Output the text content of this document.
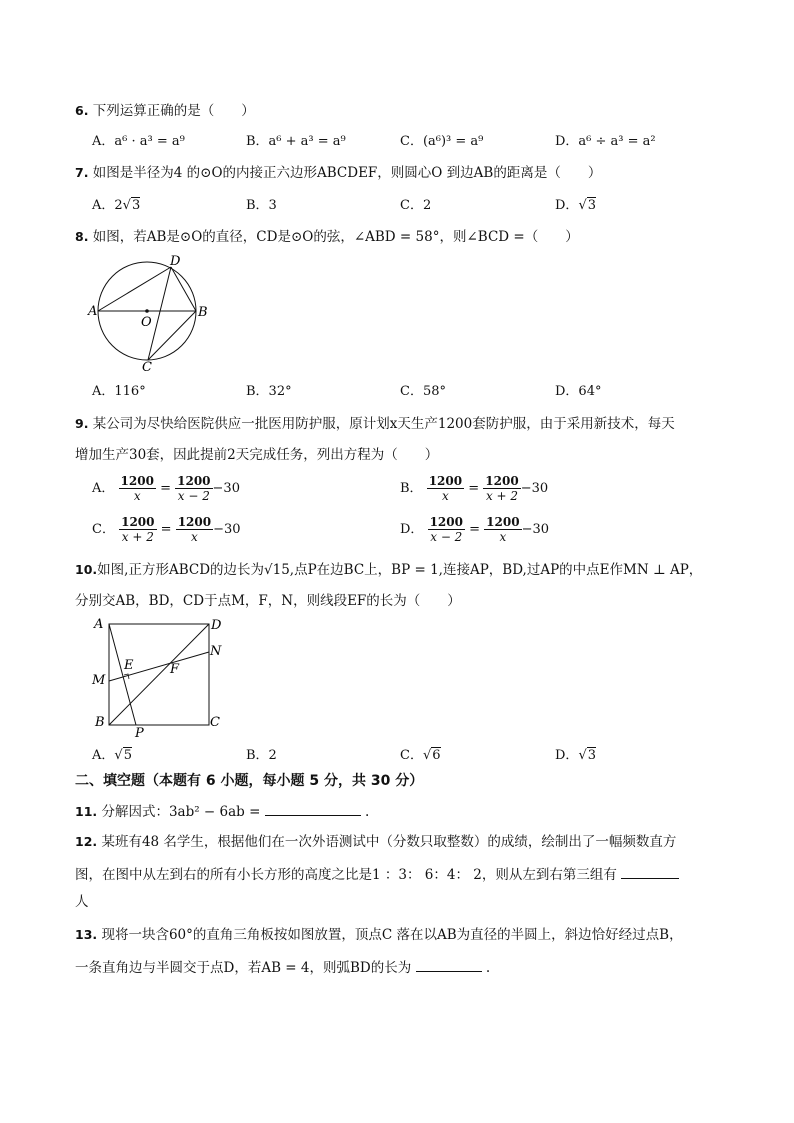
6. 下列运算正确的是（　　）
A．a⁶ · a³ = a⁹	B．a⁶ + a³ = a⁹	C．(a⁶)³ = a⁹	D．a⁶ ÷ a³ = a²
7. 如图是半径为4 的⊙O的内接正六边形ABCDEF，则圆心O 到边AB的距离是（　　）
A．2√3	B．3	C．2	D．√3
8. 如图，若AB是⊙O的直径，CD是⊙O的弦，∠ABD = 58°，则∠BCD =（　　）
A	B
C
D
O
A．116°	B．32°	C．58°	D．64°
9. 某公司为尽快给医院供应一批医用防护服，原计划x天生产1200套防护服，由于采用新技术，每天
增加生产30套，因此提前2天完成任务，列出方程为（　　）
A． $\frac{1200}{x} = \frac{1200}{x - 2} -30$	B． $\frac{1200}{x} = \frac{1200}{x + 2} -30$
C． $\frac{1200}{x + 2} = \frac{1200}{x} -30$	D． $\frac{1200}{x - 2} = \frac{1200}{x} -30$
10.如图,正方形ABCD的边长为√15,点P在边BC上，BP = 1,连接AP，BD,过AP的中点E作MN ⊥ AP，
分别交AB，BD，CD于点M，F，N，则线段EF的长为（　　）
A
B	C
D
E	F
M
N
P
A．√5	B．2	C．√6	D．√3
二、填空题（本题有 6 小题，每小题 5 分，共 30 分）
11. 分解因式：3ab² − 6ab =	.
12. 某班有48 名学生，根据他们在一次外语测试中（分数只取整数）的成绩，绘制出了一幅频数直方
图，在图中从左到右的所有小长方形的高度之比是1 ：3： 6：4： 2，则从左到右第三组有
人
13. 现将一块含60°的直角三角板按如图放置，顶点C 落在以AB为直径的半圆上，斜边恰好经过点B，
一条直角边与半圆交于点D，若AB = 4，则弧BD的长为	.
